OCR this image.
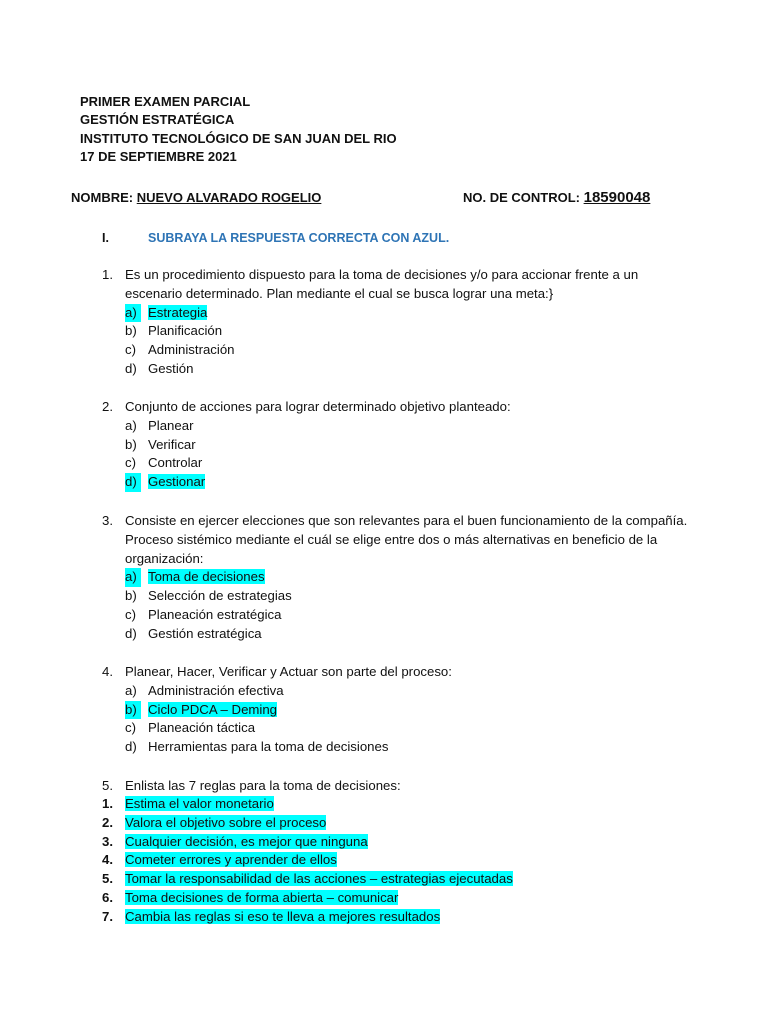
PRIMER EXAMEN PARCIAL
GESTIÓN ESTRATÉGICA
INSTITUTO TECNOLÓGICO DE SAN JUAN DEL RIO
17 DE SEPTIEMBRE 2021
NOMBRE: NUEVO ALVARADO ROGELIO	NO. DE CONTROL: 18590048
I.	SUBRAYA LA RESPUESTA CORRECTA CON AZUL.
1. Es un procedimiento dispuesto para la toma de decisiones y/o para accionar frente a un
escenario determinado. Plan mediante el cual se busca lograr una meta:}
a) Estrategia
b) Planificación
c) Administración
d) Gestión
2. Conjunto de acciones para lograr determinado objetivo planteado:
a) Planear
b) Verificar
c) Controlar
d) Gestionar
3. Consiste en ejercer elecciones que son relevantes para el buen funcionamiento de la compañía.
Proceso sistémico mediante el cuál se elige entre dos o más alternativas en beneficio de la
organización:
a) Toma de decisiones
b) Selección de estrategias
c) Planeación estratégica
d) Gestión estratégica
4. Planear, Hacer, Verificar y Actuar son parte del proceso:
a) Administración efectiva
b) Ciclo PDCA – Deming
c) Planeación táctica
d) Herramientas para la toma de decisiones
5. Enlista las 7 reglas para la toma de decisiones:
1. Estima el valor monetario
2. Valora el objetivo sobre el proceso
3. Cualquier decisión, es mejor que ninguna
4. Cometer errores y aprender de ellos
5. Tomar la responsabilidad de las acciones – estrategias ejecutadas
6. Toma decisiones de forma abierta – comunicar
7. Cambia las reglas si eso te lleva a mejores resultados
